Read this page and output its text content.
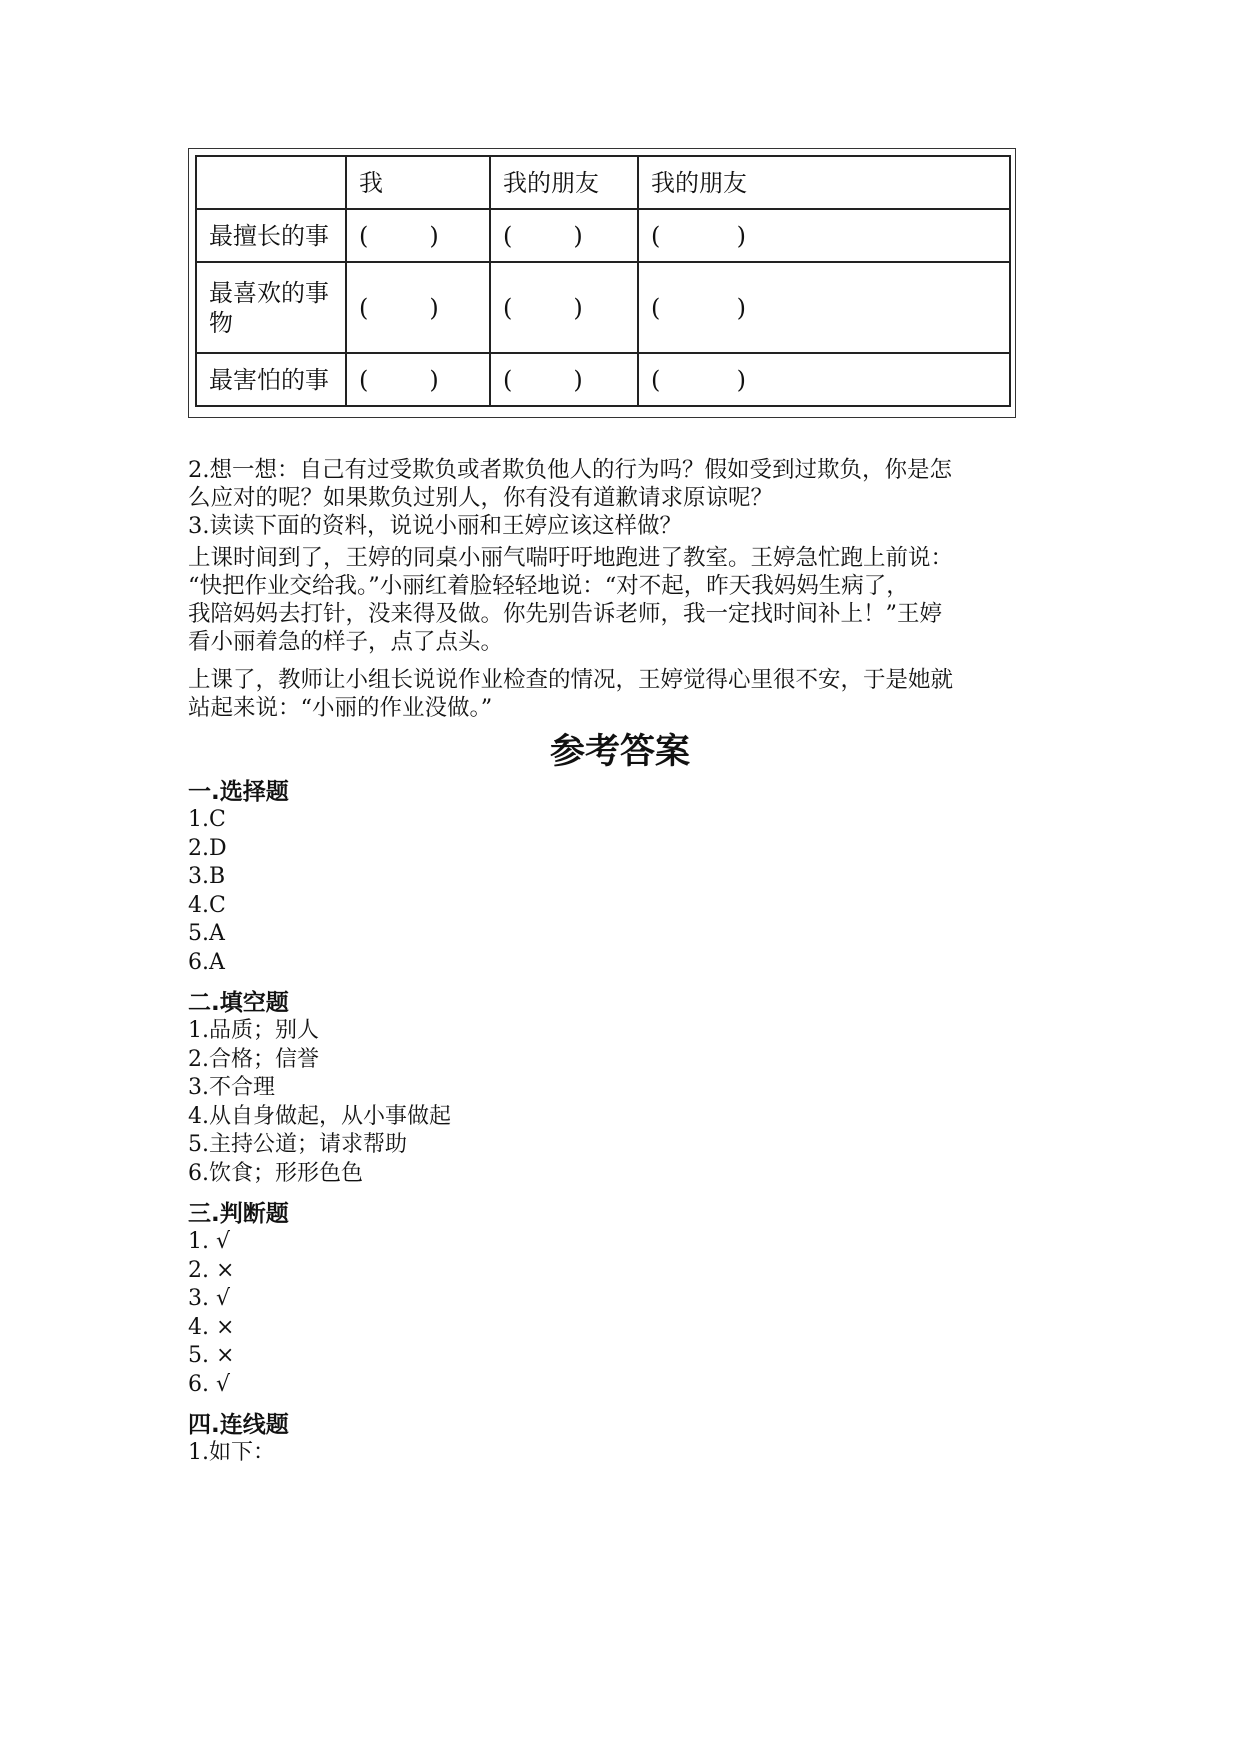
	我	我的朋友	我的朋友
最擅长的事	(        )	(        )	(          )
最喜欢的事物	(        )	(        )	(          )
最害怕的事	(        )	(        )	(          )
2.想一想：自己有过受欺负或者欺负他人的行为吗？假如受到过欺负，你是怎
么应对的呢？如果欺负过别人，你有没有道歉请求原谅呢？
3.读读下面的资料，说说小丽和王婷应该这样做？
上课时间到了，王婷的同桌小丽气喘吁吁地跑进了教室。王婷急忙跑上前说：
“快把作业交给我。”小丽红着脸轻轻地说：“对不起，昨天我妈妈生病了，
我陪妈妈去打针，没来得及做。你先别告诉老师，我一定找时间补上！”王婷
看小丽着急的样子，点了点头。
上课了，教师让小组长说说作业检查的情况，王婷觉得心里很不安，于是她就
站起来说：“小丽的作业没做。”
参考答案
一.选择题
1.C
2.D
3.B
4.C
5.A
6.A
二.填空题
1.品质；别人
2.合格；信誉
3.不合理
4.从自身做起，从小事做起
5.主持公道；请求帮助
6.饮食；形形色色
三.判断题
1. √
2. ×
3. √
4. ×
5. ×
6. √
四.连线题
1.如下：
